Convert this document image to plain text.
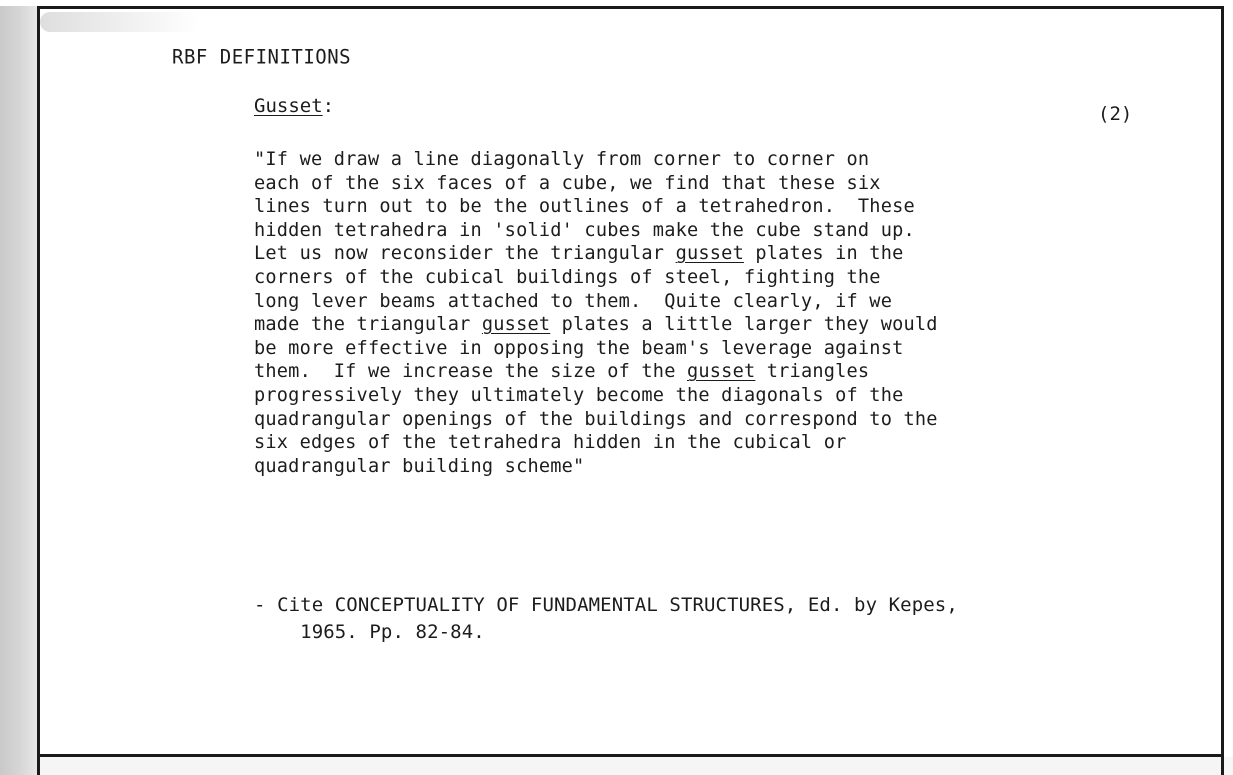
RBF DEFINITIONS
Gusset:	(2)
"If we draw a line diagonally from corner to corner on
each of the six faces of a cube, we find that these six
lines turn out to be the outlines of a tetrahedron.  These
hidden tetrahedra in 'solid' cubes make the cube stand up.
Let us now reconsider the triangular gusset plates in the
corners of the cubical buildings of steel, fighting the
long lever beams attached to them.  Quite clearly, if we
made the triangular gusset plates a little larger they would
be more effective in opposing the beam's leverage against
them.  If we increase the size of the gusset triangles
progressively they ultimately become the diagonals of the
quadrangular openings of the buildings and correspond to the
six edges of the tetrahedra hidden in the cubical or
quadrangular building scheme"
- Cite CONCEPTUALITY OF FUNDAMENTAL STRUCTURES, Ed. by Kepes,
1965. Pp. 82-84.
